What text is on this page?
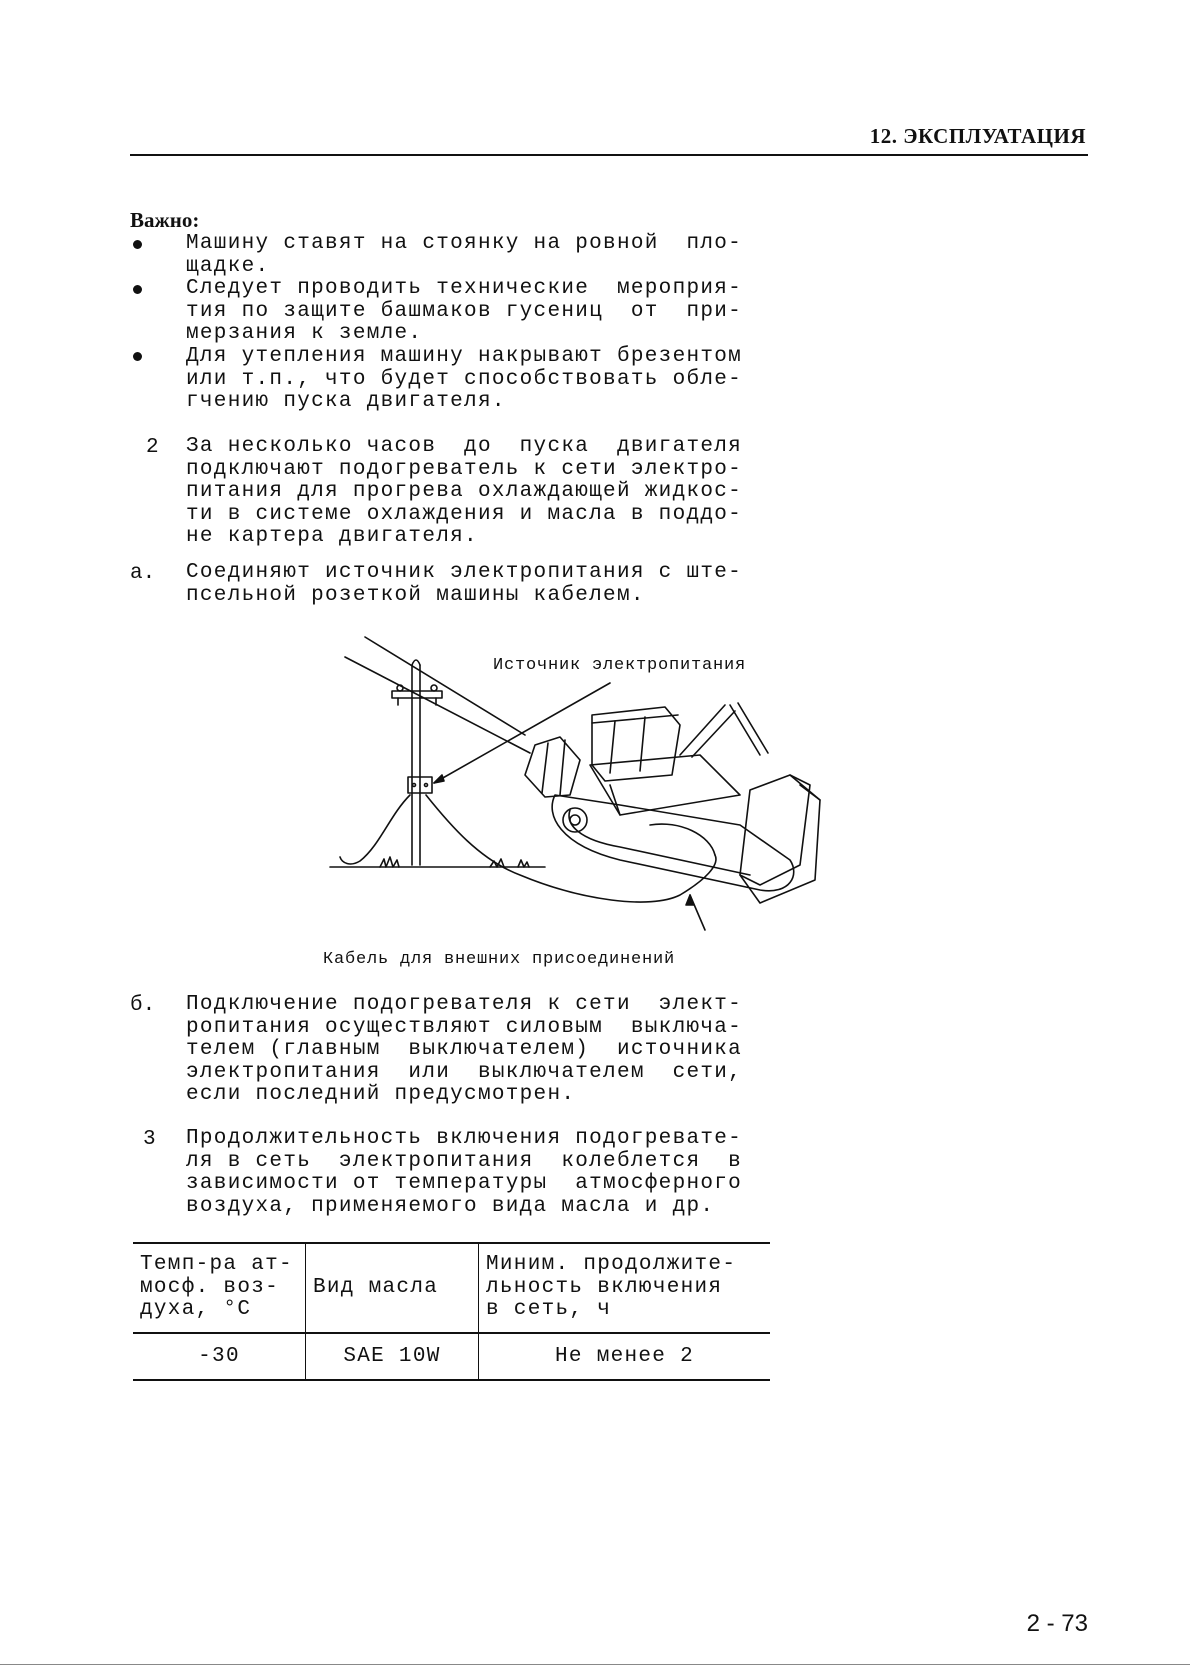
12. ЭКСПЛУАТАЦИЯ
Важно:
Машину ставят на стоянку на ровной  пло-
щадке.
Следует проводить технические  мероприя-
тия по защите башмаков гусениц  от  при-
мерзания к земле.
Для утепления машину накрывают брезентом
или т.п., что будет способствовать обле-
гчению пуска двигателя.
2 За несколько часов  до  пуска  двигателя
подключают подогреватель к сети электро-
питания для прогрева охлаждающей жидкос-
ти в системе охлаждения и масла в поддо-
не картера двигателя.
а. Соединяют источник электропитания с ште-
псельной розеткой машины кабелем.
Источник электропитания
Кабель для внешних присоединений
б. Подключение подогревателя к сети  элект-
ропитания осуществляют силовым  выключа-
телем (главным  выключателем)  источника
электропитания  или  выключателем  сети,
если последний предусмотрен.
3 Продолжительность включения подогревате-
ля в сеть  электропитания  колеблется  в
зависимости от температуры  атмосферного
воздуха, применяемого вида масла и др.
Темп-ра ат-
мосф. воз-
духа, °C	Вид масла	Миним. продолжите-
льность включения
в сеть, ч
-30	SAE 10W	Не менее 2
2 - 73
